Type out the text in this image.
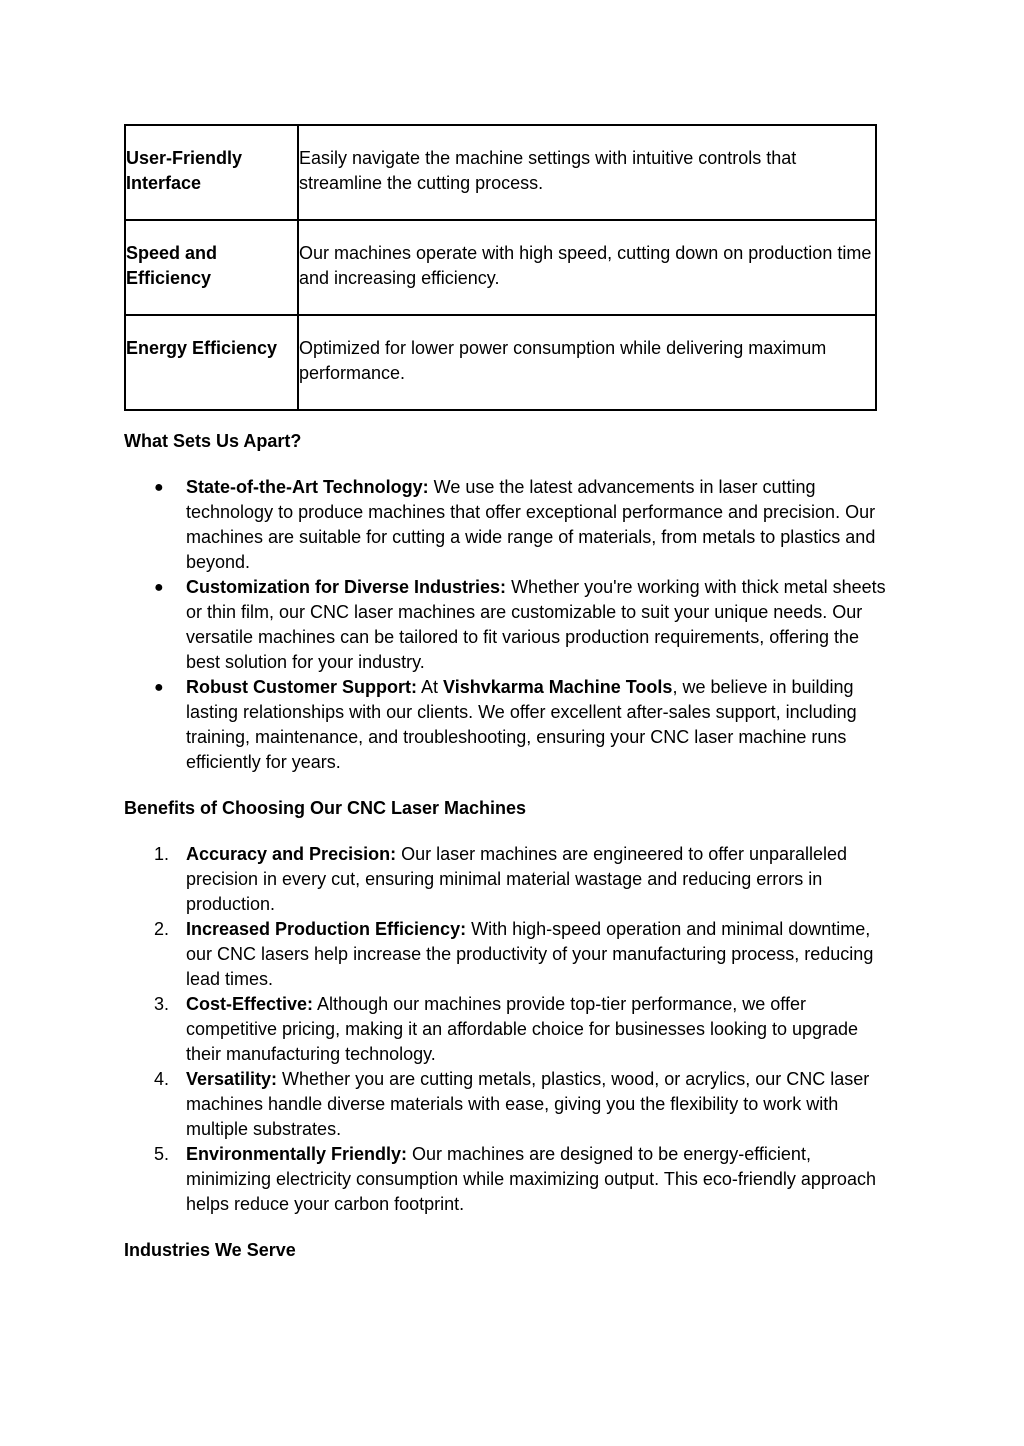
User-Friendly Interface	Easily navigate the machine settings with intuitive controls that streamline the cutting process.
Speed and Efficiency	Our machines operate with high speed, cutting down on production time and increasing efficiency.
Energy Efficiency	Optimized for lower power consumption while delivering maximum performance.

What Sets Us Apart?

● State-of-the-Art Technology: We use the latest advancements in laser cutting technology to produce machines that offer exceptional performance and precision. Our machines are suitable for cutting a wide range of materials, from metals to plastics and beyond.
● Customization for Diverse Industries: Whether you're working with thick metal sheets or thin film, our CNC laser machines are customizable to suit your unique needs. Our versatile machines can be tailored to fit various production requirements, offering the best solution for your industry.
● Robust Customer Support: At Vishvkarma Machine Tools, we believe in building lasting relationships with our clients. We offer excellent after-sales support, including training, maintenance, and troubleshooting, ensuring your CNC laser machine runs efficiently for years.

Benefits of Choosing Our CNC Laser Machines

1. Accuracy and Precision: Our laser machines are engineered to offer unparalleled precision in every cut, ensuring minimal material wastage and reducing errors in production.
2. Increased Production Efficiency: With high-speed operation and minimal downtime, our CNC lasers help increase the productivity of your manufacturing process, reducing lead times.
3. Cost-Effective: Although our machines provide top-tier performance, we offer competitive pricing, making it an affordable choice for businesses looking to upgrade their manufacturing technology.
4. Versatility: Whether you are cutting metals, plastics, wood, or acrylics, our CNC laser machines handle diverse materials with ease, giving you the flexibility to work with multiple substrates.
5. Environmentally Friendly: Our machines are designed to be energy-efficient, minimizing electricity consumption while maximizing output. This eco-friendly approach helps reduce your carbon footprint.

Industries We Serve
